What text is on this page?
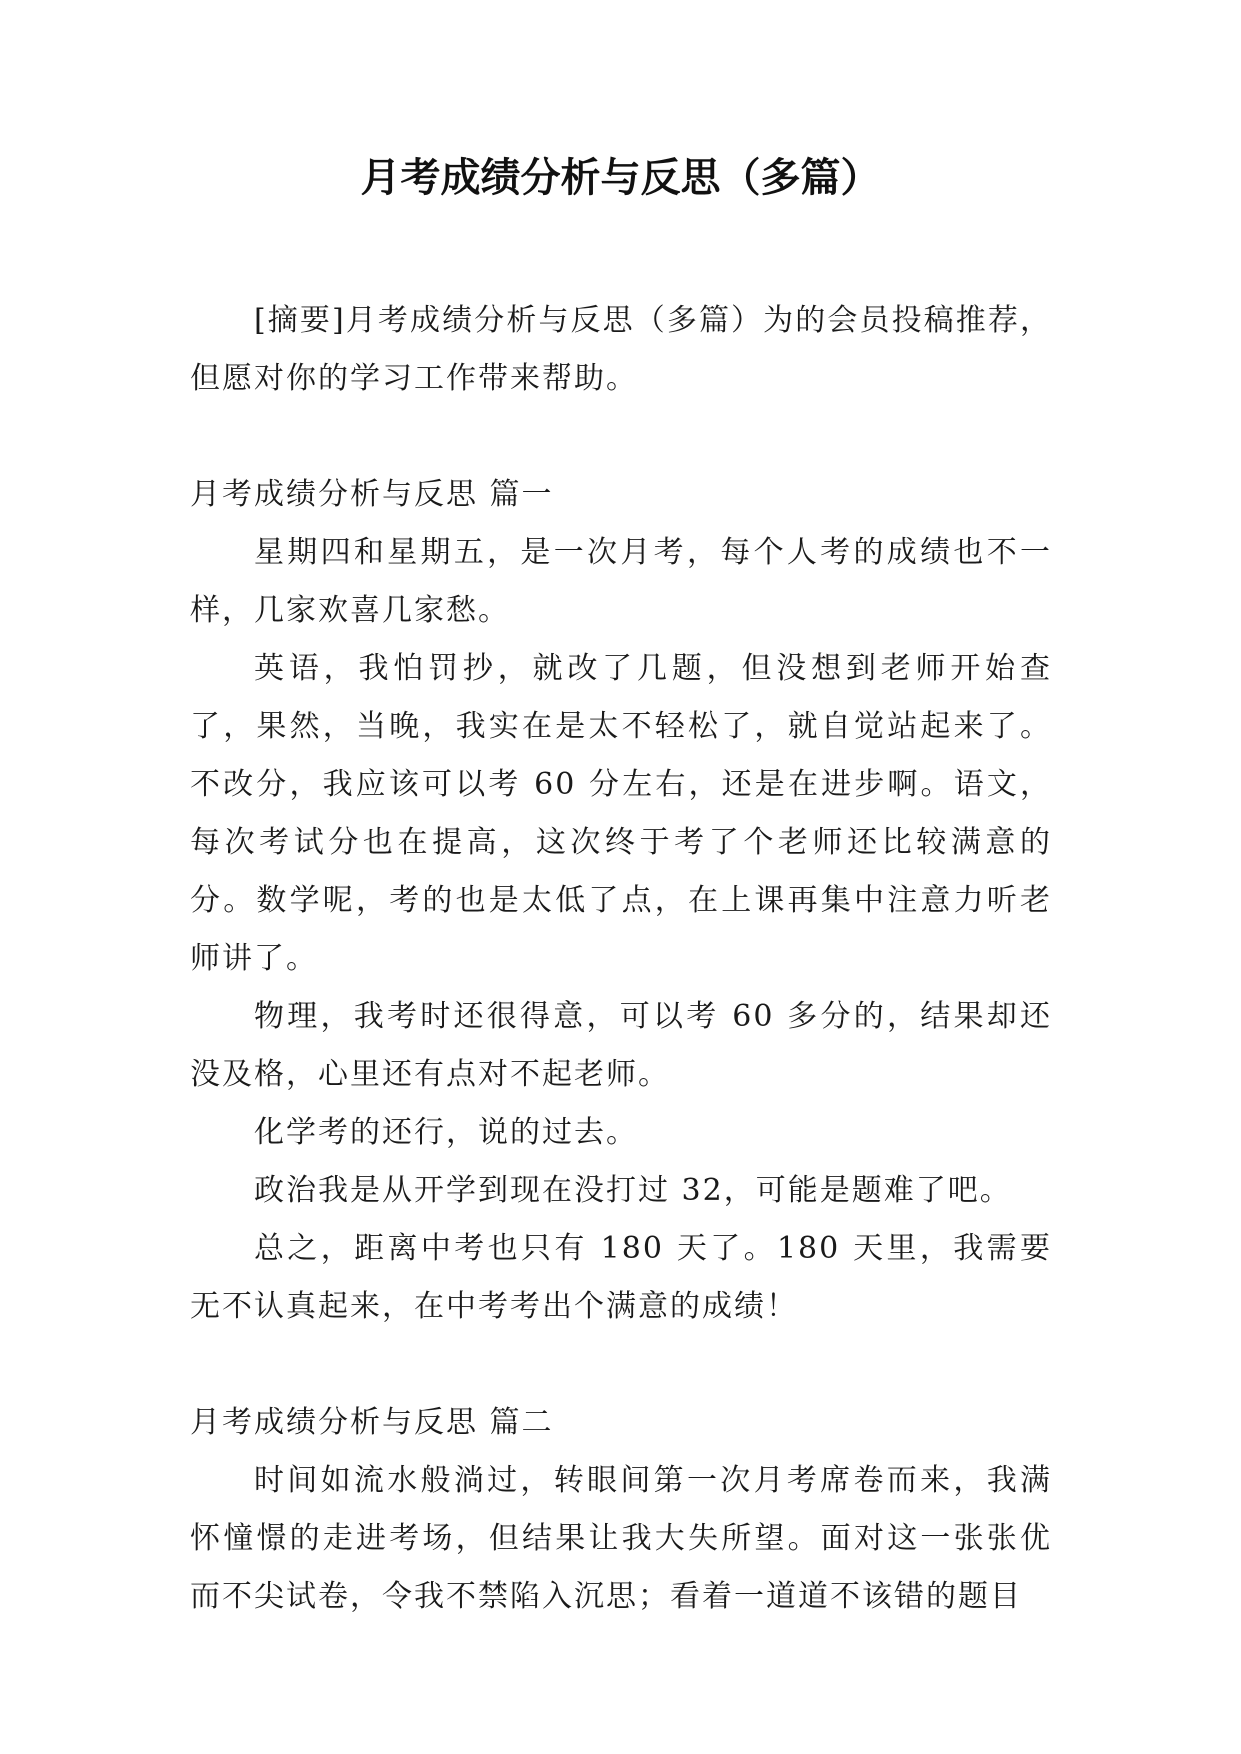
月考成绩分析与反思（多篇）

[摘要]月考成绩分析与反思（多篇）为的会员投稿推荐，但愿对你的学习工作带来帮助。

月考成绩分析与反思 篇一

星期四和星期五，是一次月考，每个人考的成绩也不一样，几家欢喜几家愁。

英语，我怕罚抄，就改了几题，但没想到老师开始查了，果然，当晚，我实在是太不轻松了，就自觉站起来了。不改分，我应该可以考 60 分左右，还是在进步啊。语文，每次考试分也在提高，这次终于考了个老师还比较满意的分。数学呢，考的也是太低了点，在上课再集中注意力听老师讲了。

物理，我考时还很得意，可以考 60 多分的，结果却还没及格，心里还有点对不起老师。

化学考的还行，说的过去。

政治我是从开学到现在没打过 32，可能是题难了吧。

总之，距离中考也只有 180 天了。180 天里，我需要无不认真起来，在中考考出个满意的成绩！

月考成绩分析与反思 篇二

时间如流水般淌过，转眼间第一次月考席卷而来，我满怀憧憬的走进考场，但结果让我大失所望。面对这一张张优而不尖试卷，令我不禁陷入沉思；看着一道道不该错的题目
